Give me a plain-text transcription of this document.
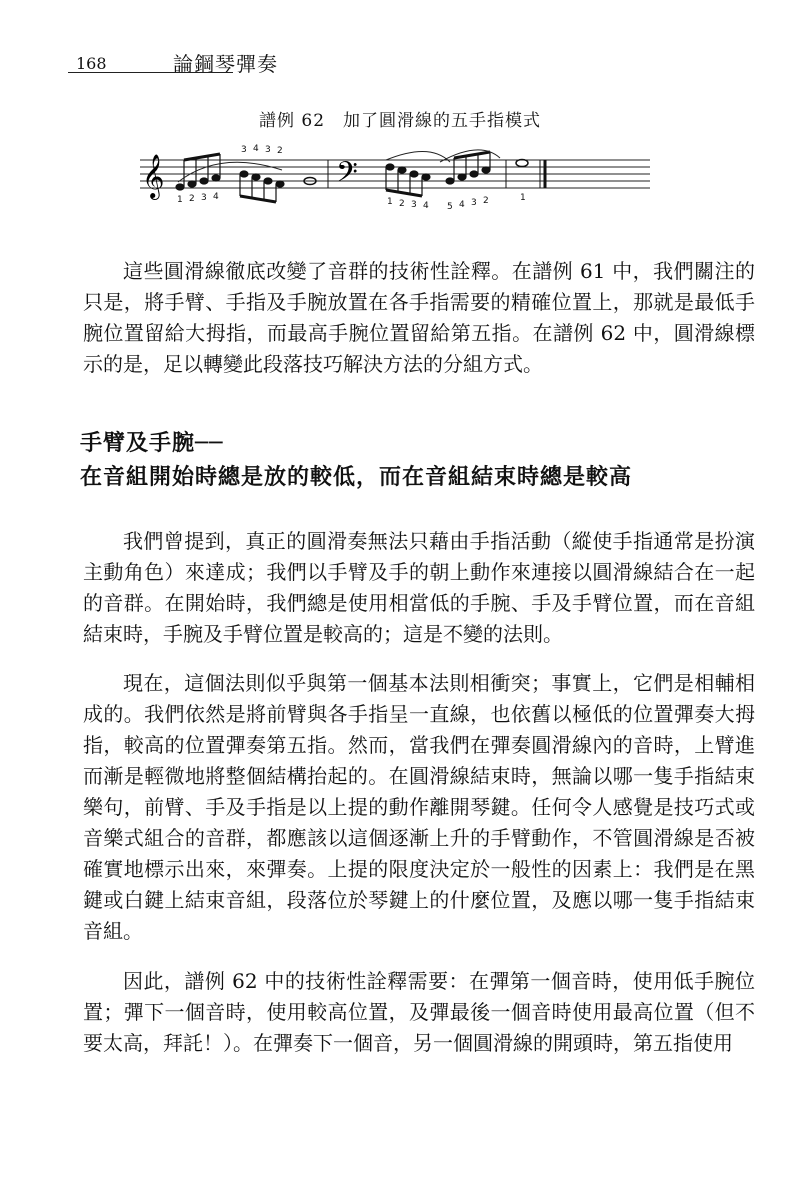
168	論鋼琴彈奏
譜例 62　加了圓滑線的五手指模式
𝄞	𝄢
3 4 3 2
1 2 3 4	1 2 3 4 5 4 3 2	1

這些圓滑線徹底改變了音群的技術性詮釋。在譜例 61 中，我們關注的只是，將手臂、手指及手腕放置在各手指需要的精確位置上，那就是最低手腕位置留給大拇指，而最高手腕位置留給第五指。在譜例 62 中，圓滑線標示的是，足以轉變此段落技巧解決方法的分組方式。

手臂及手腕──
在音組開始時總是放的較低，而在音組結束時總是較高

我們曾提到，真正的圓滑奏無法只藉由手指活動（縱使手指通常是扮演主動角色）來達成；我們以手臂及手的朝上動作來連接以圓滑線結合在一起的音群。在開始時，我們總是使用相當低的手腕、手及手臂位置，而在音組結束時，手腕及手臂位置是較高的；這是不變的法則。

現在，這個法則似乎與第一個基本法則相衝突；事實上，它們是相輔相成的。我們依然是將前臂與各手指呈一直線，也依舊以極低的位置彈奏大拇指，較高的位置彈奏第五指。然而，當我們在彈奏圓滑線內的音時，上臂進而漸是輕微地將整個結構抬起的。在圓滑線結束時，無論以哪一隻手指結束樂句，前臂、手及手指是以上提的動作離開琴鍵。任何令人感覺是技巧式或音樂式組合的音群，都應該以這個逐漸上升的手臂動作，不管圓滑線是否被確實地標示出來，來彈奏。上提的限度決定於一般性的因素上：我們是在黑鍵或白鍵上結束音組，段落位於琴鍵上的什麼位置，及應以哪一隻手指結束音組。

因此，譜例 62 中的技術性詮釋需要：在彈第一個音時，使用低手腕位置；彈下一個音時，使用較高位置，及彈最後一個音時使用最高位置（但不要太高，拜託！）。在彈奏下一個音，另一個圓滑線的開頭時，第五指使用
